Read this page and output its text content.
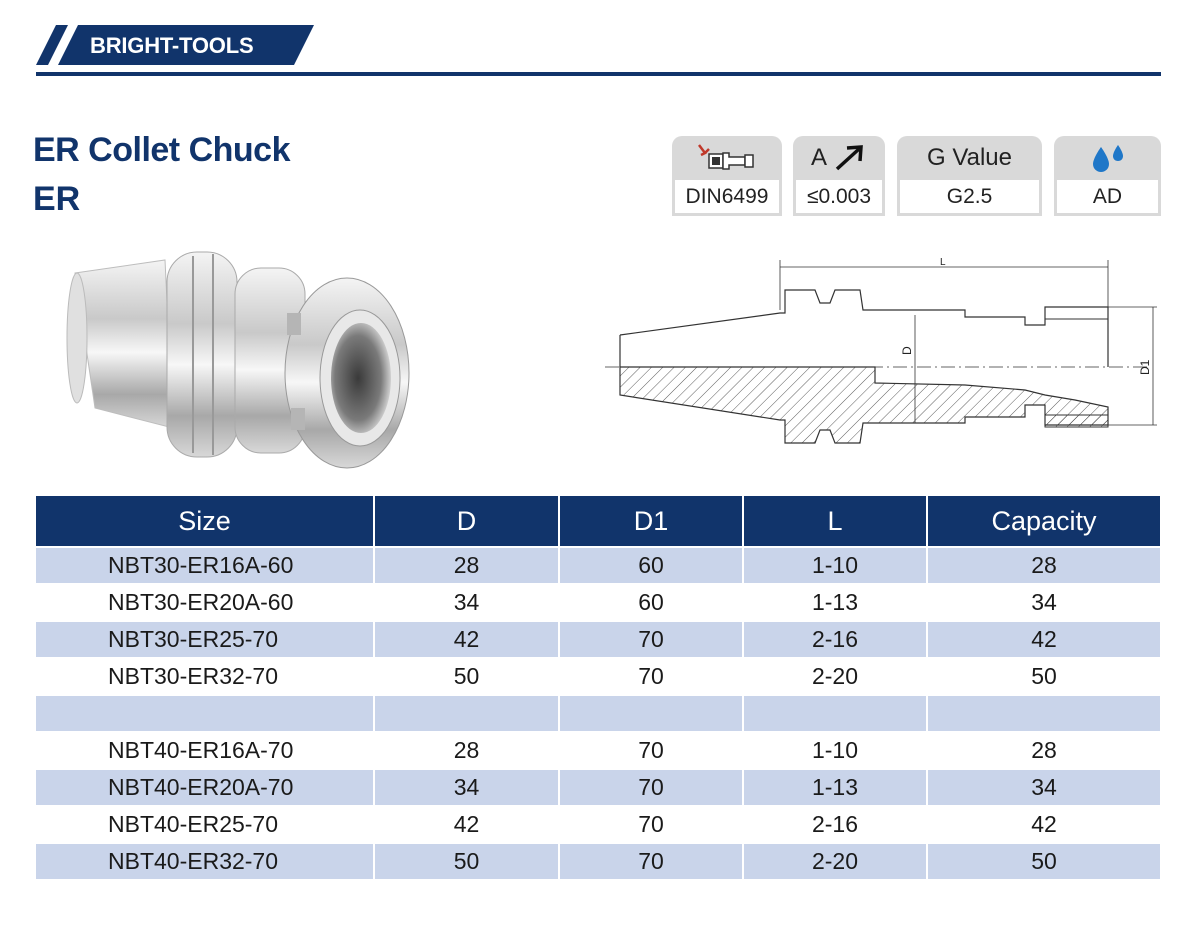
BRIGHT-TOOLS
ER Collet Chuck
ER	DIN6499
A
≤0.003
G Value
G2.5	AD
L
D
D1
Size	D	D1	L	Capacity
NBT30-ER16A-60	28	60	1-10	28
NBT30-ER20A-60	34	60	1-13	34
NBT30-ER25-70	42	70	2-16	42
NBT30-ER32-70	50	70	2-20	50

NBT40-ER16A-70	28	70	1-10	28
NBT40-ER20A-70	34	70	1-13	34
NBT40-ER25-70	42	70	2-16	42
NBT40-ER32-70	50	70	2-20	50
